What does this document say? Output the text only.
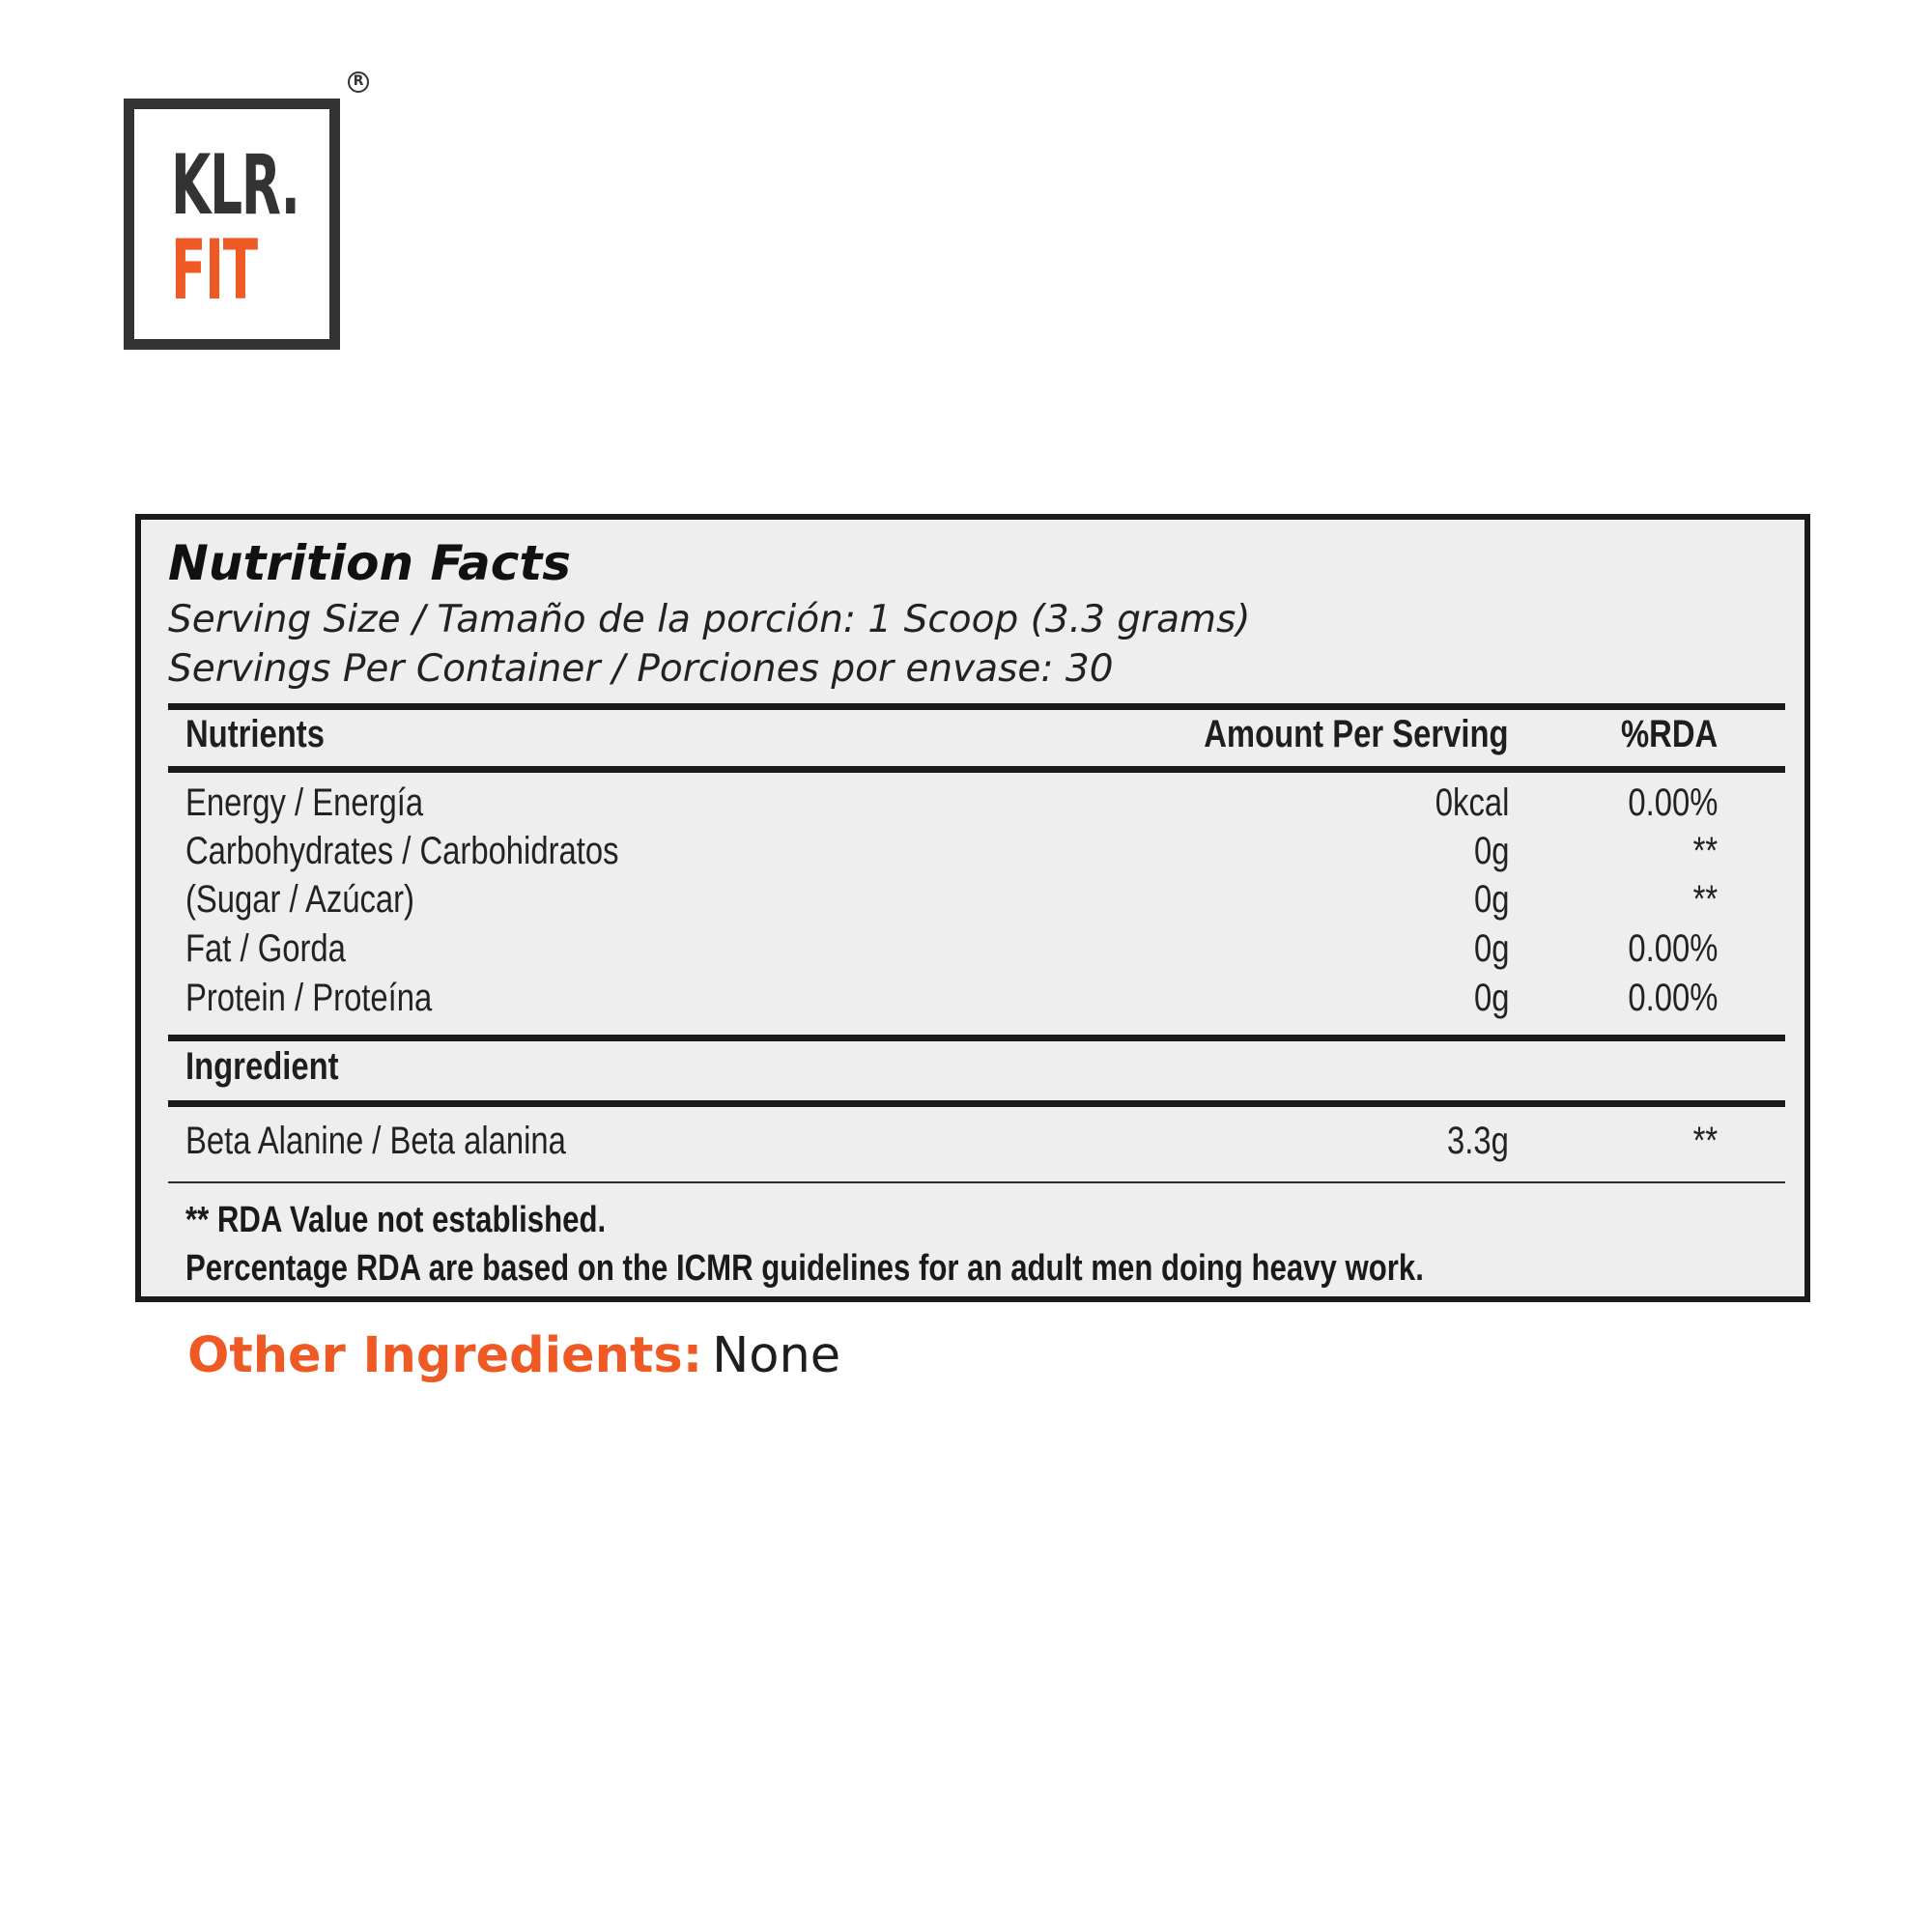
KLR.
FIT
R
Nutrition Facts
Serving Size / Tamaño de la porción: 1 Scoop (3.3 grams)
Servings Per Container / Porciones por envase: 30
Nutrients	Amount Per Serving	%RDA
Energy / Energía	0kcal	0.00%
Carbohydrates / Carbohidratos	0g	**
(Sugar / Azúcar)	0g	**
Fat / Gorda	0g	0.00%
Protein / Proteína	0g	0.00%
Ingredient
Beta Alanine / Beta alanina	3.3g	**
** RDA Value not established.
Percentage RDA are based on the ICMR guidelines for an adult men doing heavy work.
Other Ingredients: None
